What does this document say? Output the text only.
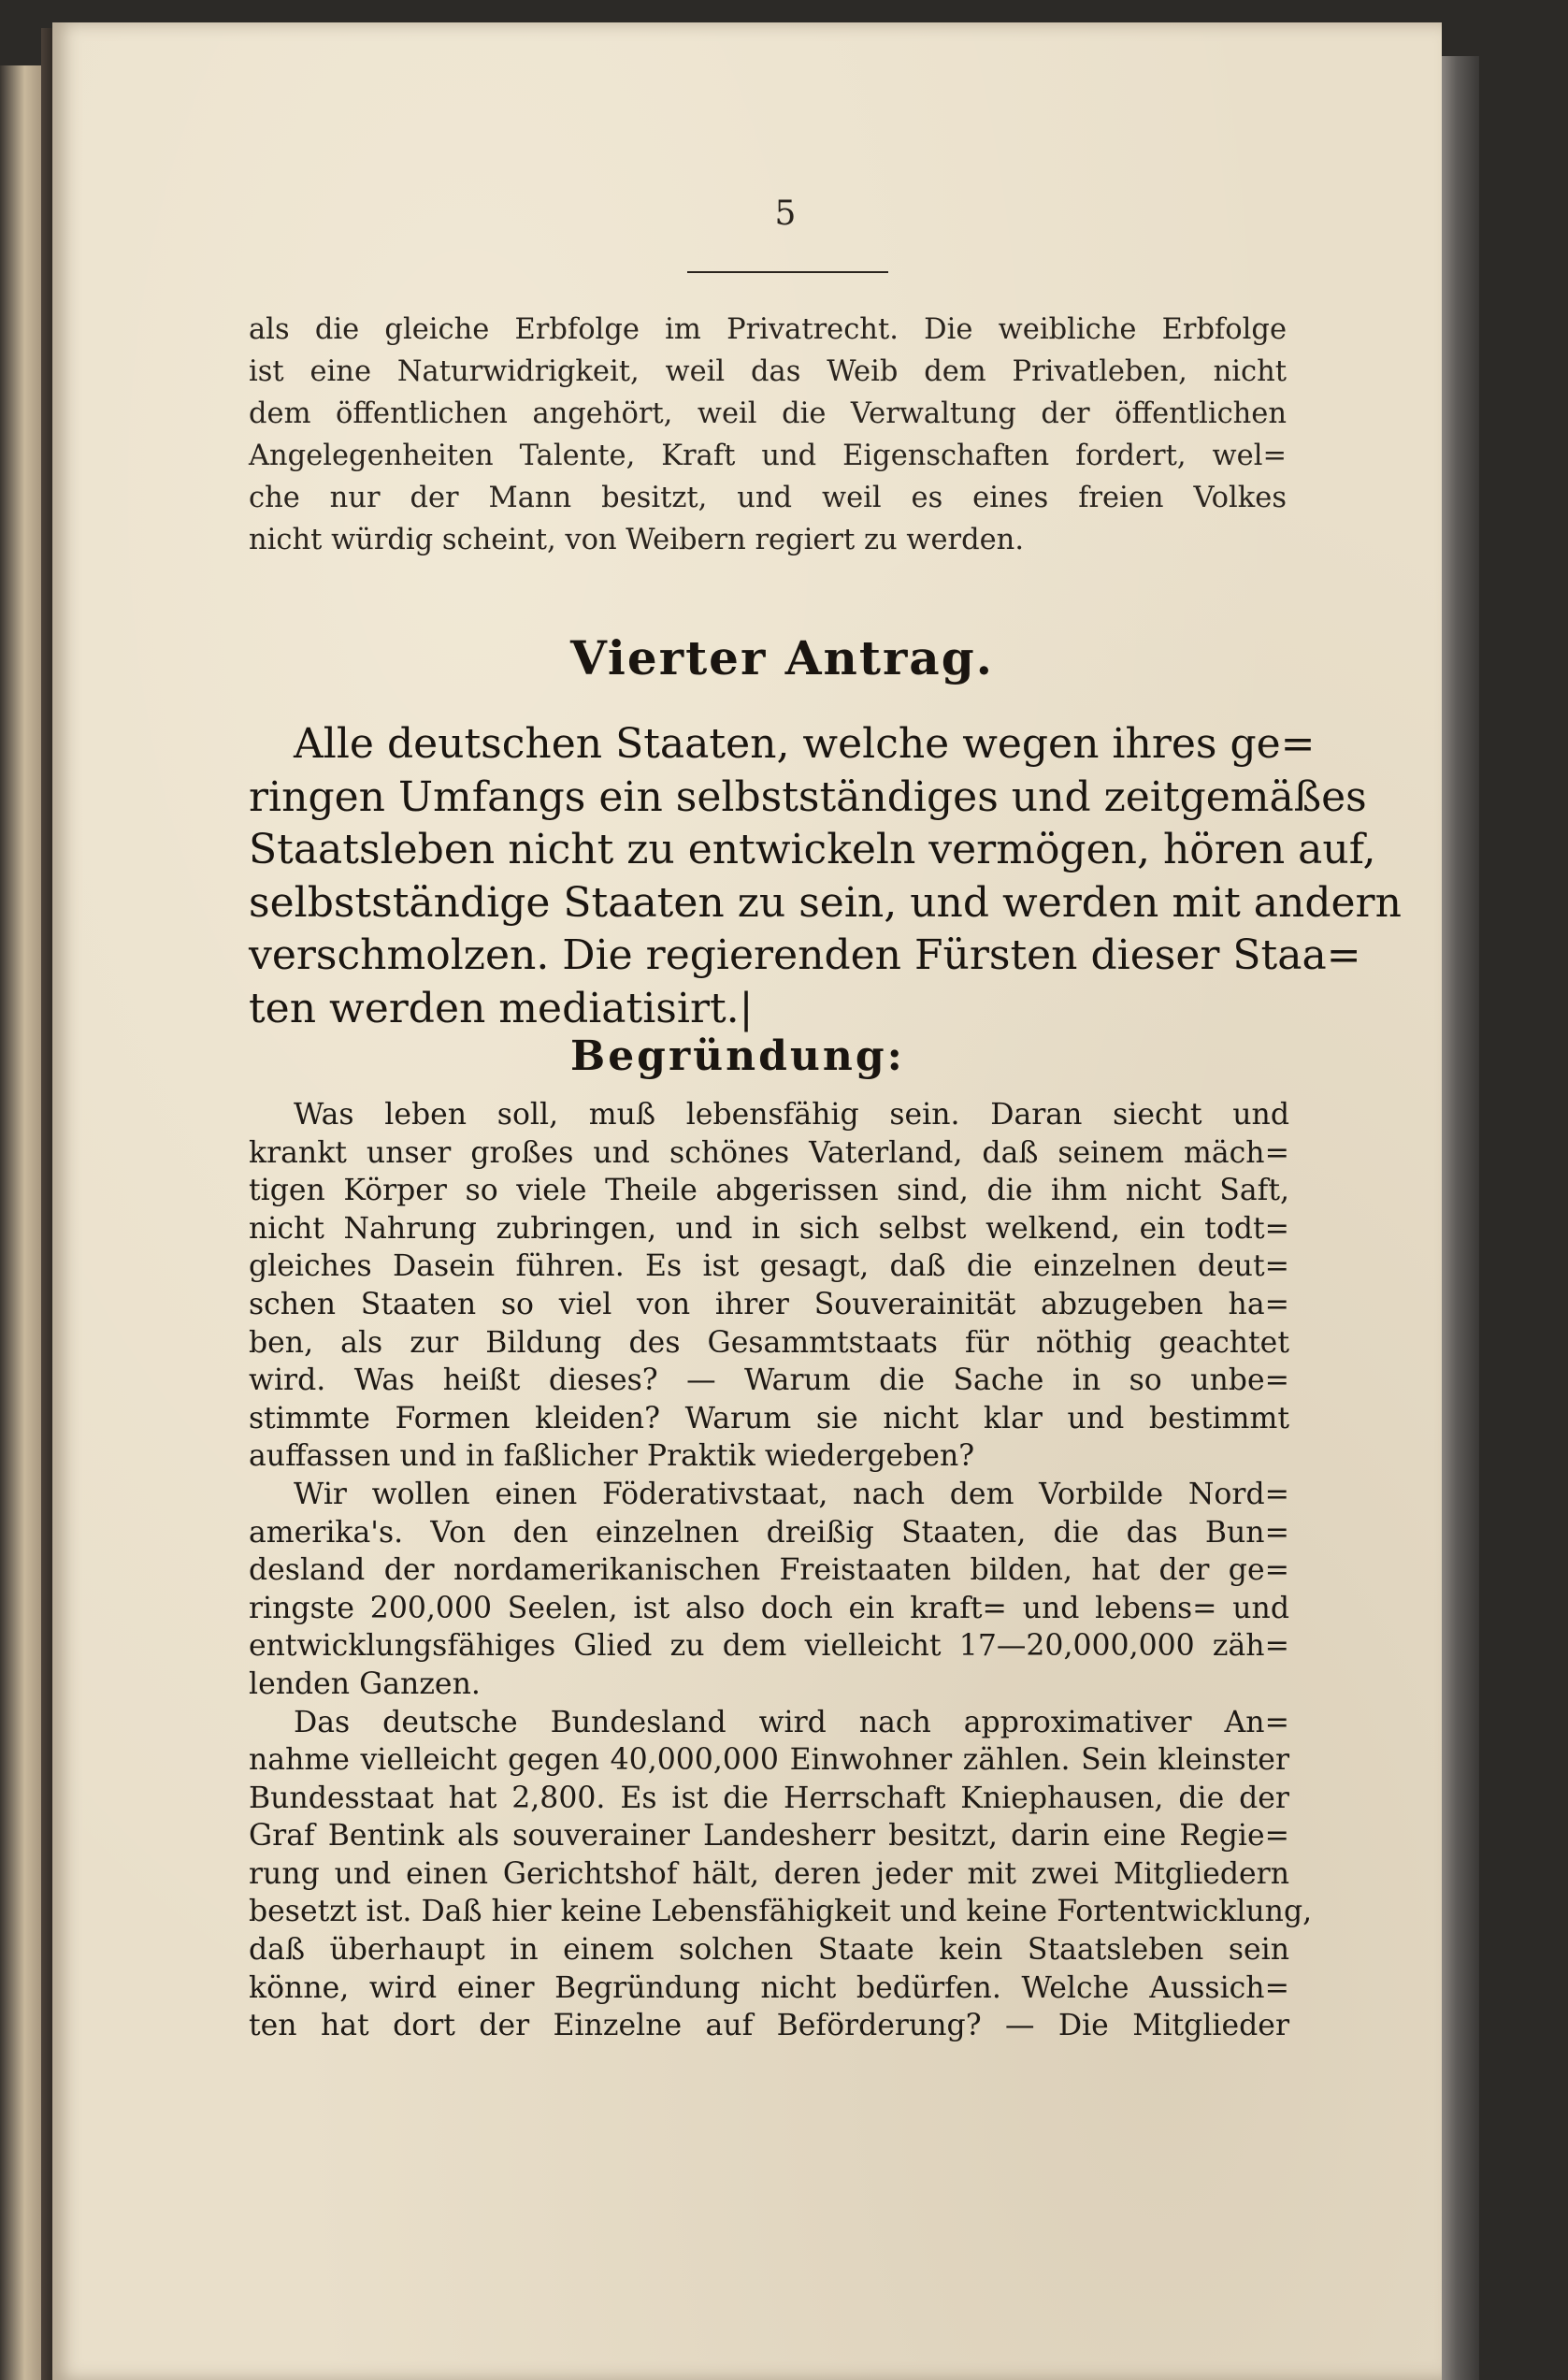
5
als die gleiche Erbfolge im Privatrecht. Die weibliche Erbfolge
ist eine Naturwidrigkeit, weil das Weib dem Privatleben, nicht
dem öffentlichen angehört, weil die Verwaltung der öffentlichen
Angelegenheiten Talente, Kraft und Eigenschaften fordert, wel=
che nur der Mann besitzt, und weil es eines freien Volkes
nicht würdig scheint, von Weibern regiert zu werden.
Vierter Antrag.
Alle deutschen Staaten, welche wegen ihres ge=
ringen Umfangs ein selbstständiges und zeitgemäßes
Staatsleben nicht zu entwickeln vermögen, hören auf,
selbstständige Staaten zu sein, und werden mit andern
verschmolzen. Die regierenden Fürsten dieser Staa=
ten werden mediatisirt.|
Begründung:
Was leben soll, muß lebensfähig sein. Daran siecht und
krankt unser großes und schönes Vaterland, daß seinem mäch=
tigen Körper so viele Theile abgerissen sind, die ihm nicht Saft,
nicht Nahrung zubringen, und in sich selbst welkend, ein todt=
gleiches Dasein führen. Es ist gesagt, daß die einzelnen deut=
schen Staaten so viel von ihrer Souverainität abzugeben ha=
ben, als zur Bildung des Gesammtstaats für nöthig geachtet
wird. Was heißt dieses? — Warum die Sache in so unbe=
stimmte Formen kleiden? Warum sie nicht klar und bestimmt
auffassen und in faßlicher Praktik wiedergeben?
Wir wollen einen Föderativstaat, nach dem Vorbilde Nord=
amerika's. Von den einzelnen dreißig Staaten, die das Bun=
desland der nordamerikanischen Freistaaten bilden, hat der ge=
ringste 200,000 Seelen, ist also doch ein kraft= und lebens= und
entwicklungsfähiges Glied zu dem vielleicht 17—20,000,000 zäh=
lenden Ganzen.
Das deutsche Bundesland wird nach approximativer An=
nahme vielleicht gegen 40,000,000 Einwohner zählen. Sein kleinster
Bundesstaat hat 2,800. Es ist die Herrschaft Kniephausen, die der
Graf Bentink als souverainer Landesherr besitzt, darin eine Regie=
rung und einen Gerichtshof hält, deren jeder mit zwei Mitgliedern
besetzt ist. Daß hier keine Lebensfähigkeit und keine Fortentwicklung,
daß überhaupt in einem solchen Staate kein Staatsleben sein
könne, wird einer Begründung nicht bedürfen. Welche Aussich=
ten hat dort der Einzelne auf Beförderung? — Die Mitglieder
